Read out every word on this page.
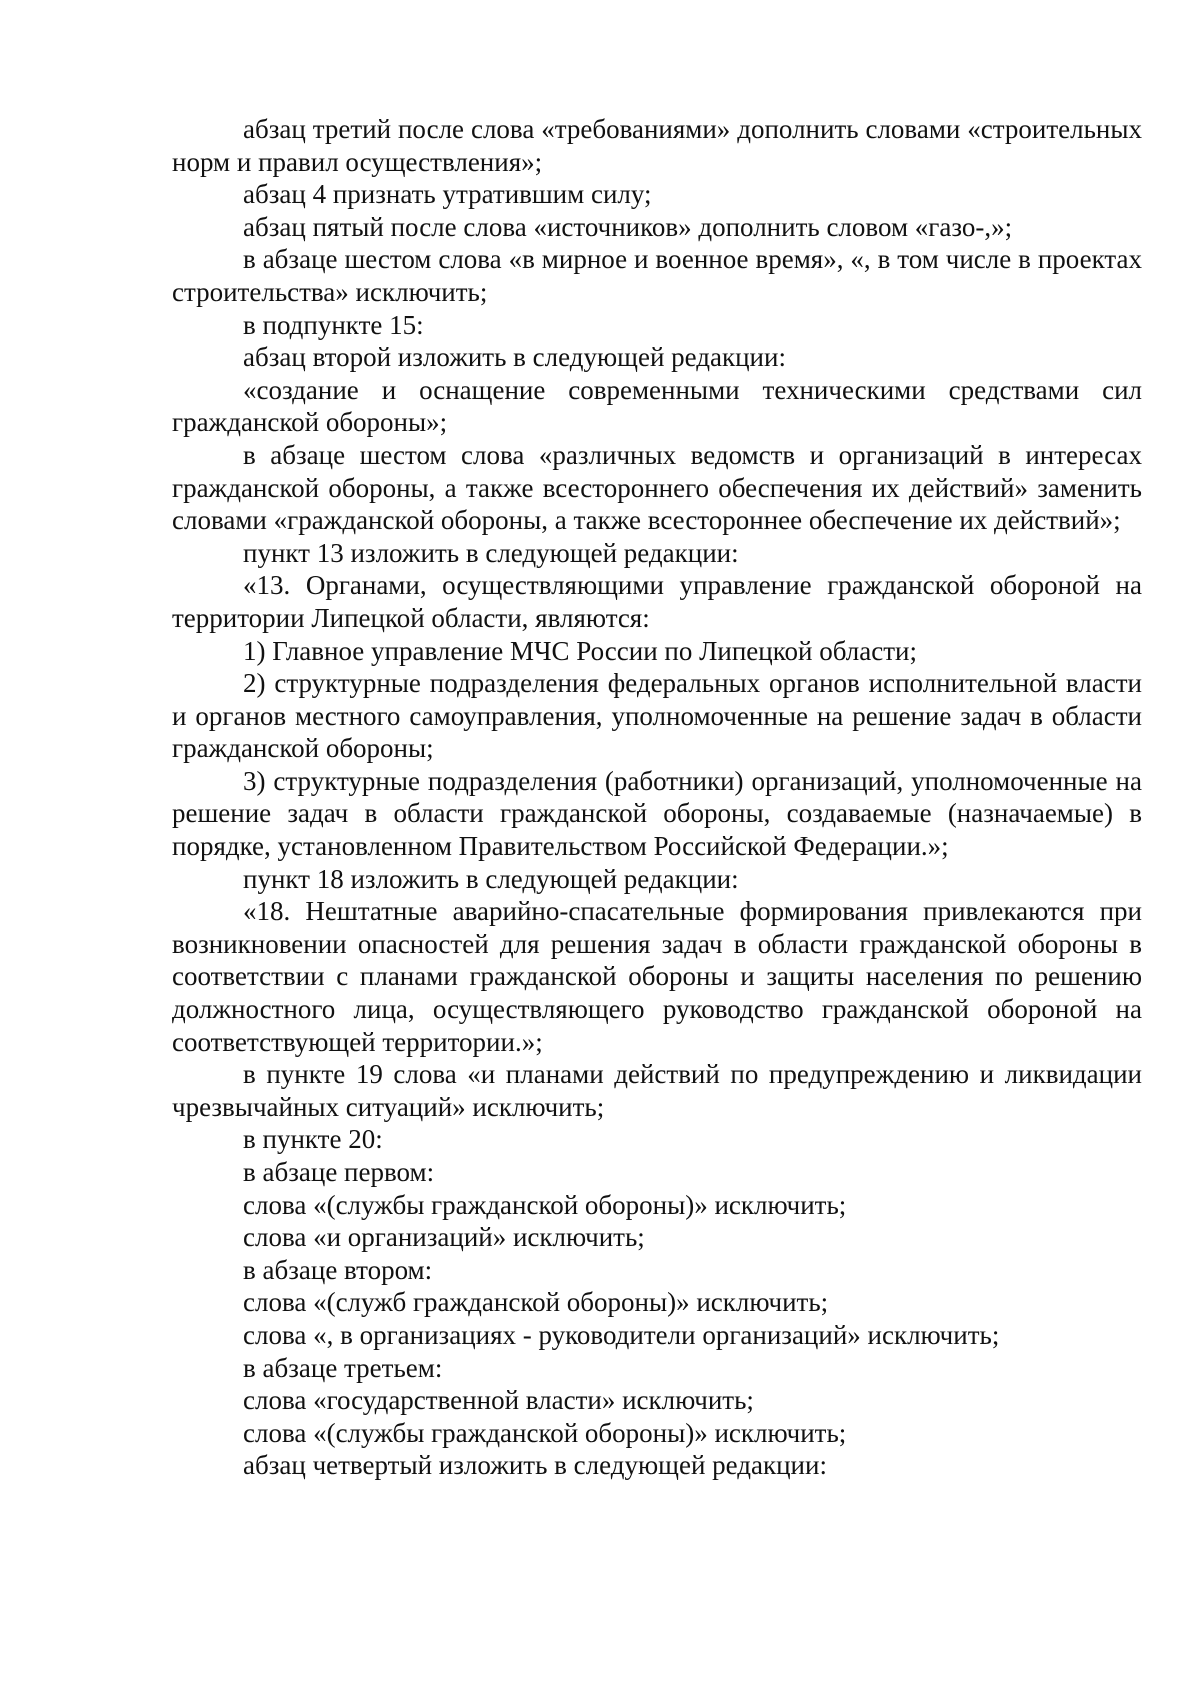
абзац третий после слова «требованиями» дополнить словами «строительных норм и правил осуществления»;

абзац 4 признать утратившим силу;

абзац пятый после слова «источников» дополнить словом «газо-,»;

в абзаце шестом слова «в мирное и военное время», «, в том числе в проектах строительства» исключить;

в подпункте 15:

абзац второй изложить в следующей редакции:

«создание и оснащение современными техническими средствами сил гражданской обороны»;

в абзаце шестом слова «различных ведомств и организаций в интересах гражданской обороны, а также всестороннего обеспечения их действий» заменить словами «гражданской обороны, а также всестороннее обеспечение их действий»;

пункт 13 изложить в следующей редакции:

«13. Органами, осуществляющими управление гражданской обороной на территории Липецкой области, являются:

1) Главное управление МЧС России по Липецкой области;

2) структурные подразделения федеральных органов исполнительной власти и органов местного самоуправления, уполномоченные на решение задач в области гражданской обороны;

3) структурные подразделения (работники) организаций, уполномоченные на решение задач в области гражданской обороны, создаваемые (назначаемые) в порядке, установленном Правительством Российской Федерации.»;

пункт 18 изложить в следующей редакции:

«18. Нештатные аварийно-спасательные формирования привлекаются при возникновении опасностей для решения задач в области гражданской обороны в соответствии с планами гражданской обороны и защиты населения по решению должностного лица, осуществляющего руководство гражданской обороной на соответствующей территории.»;

в пункте 19 слова «и планами действий по предупреждению и ликвидации чрезвычайных ситуаций» исключить;

в пункте 20:

в абзаце первом:

слова «(службы гражданской обороны)» исключить;

слова «и организаций» исключить;

в абзаце втором:

слова «(служб гражданской обороны)» исключить;

слова «, в организациях - руководители организаций» исключить;

в абзаце третьем:

слова «государственной власти» исключить;

слова «(службы гражданской обороны)» исключить;

абзац четвертый изложить в следующей редакции:
